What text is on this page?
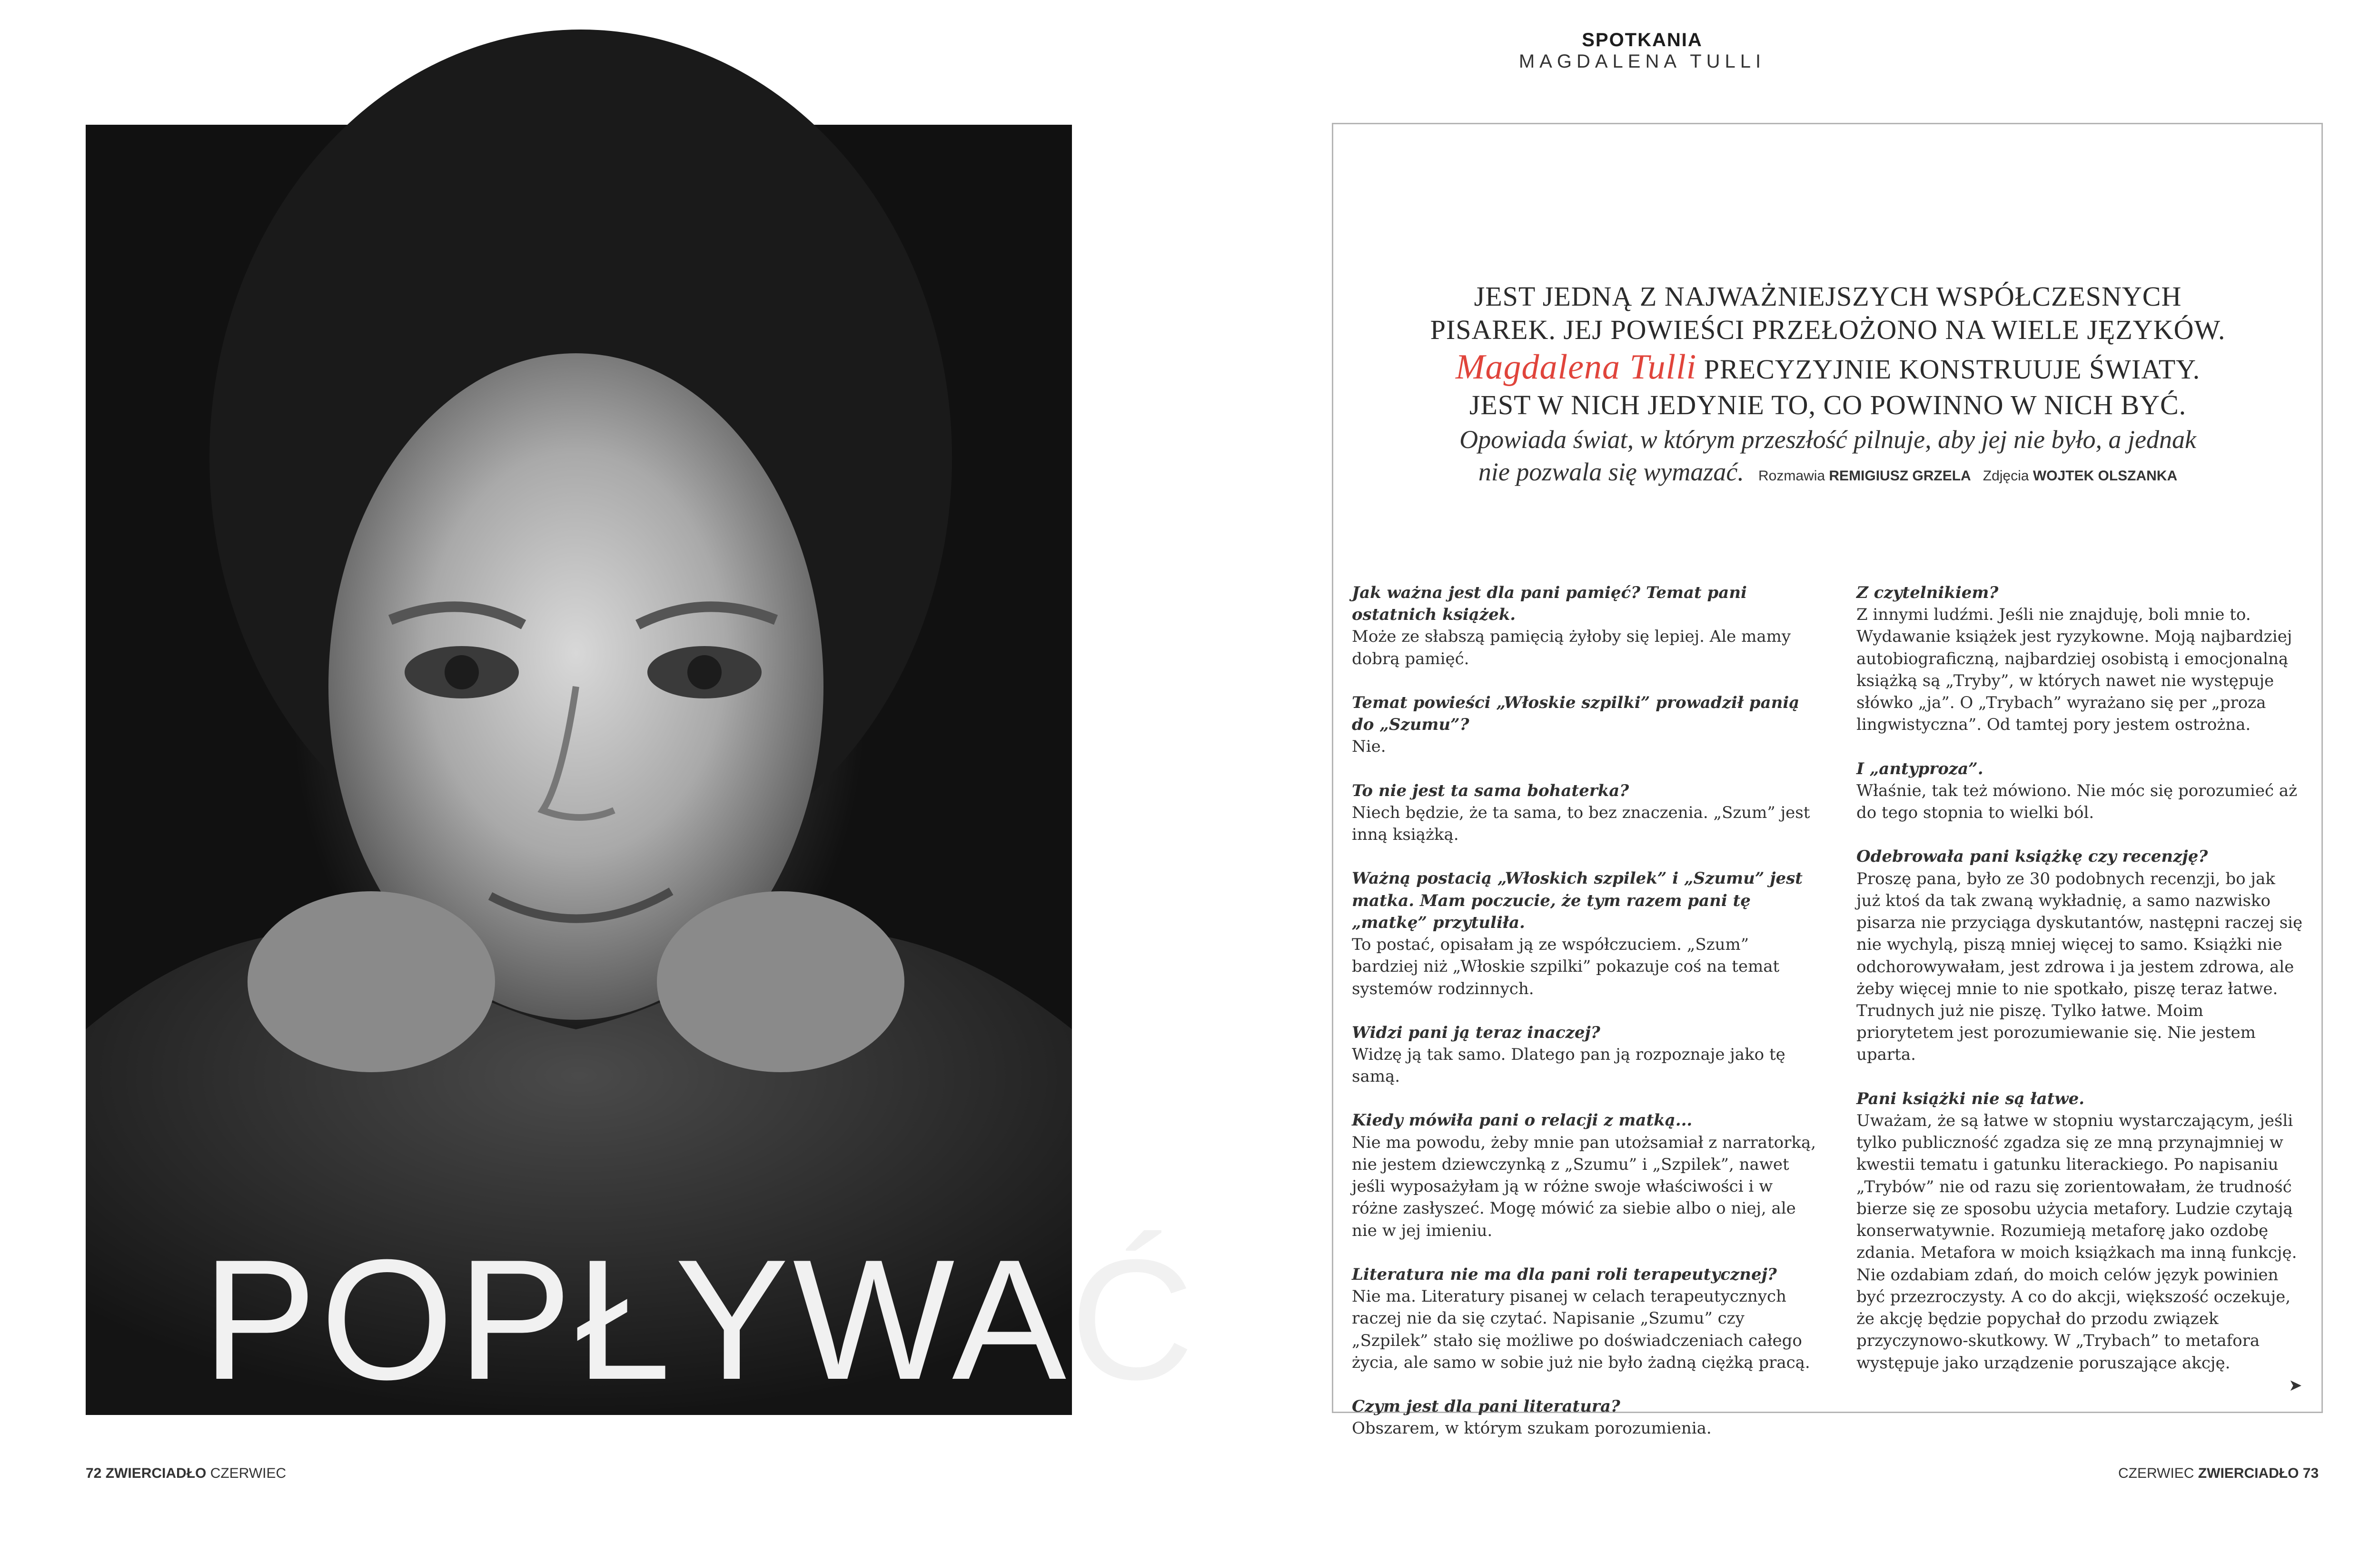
POPŁYWAĆ
72 ZWIERCIADŁO CZERWIEC
SPOTKANIA
MAGDALENA TULLI
JEST JEDNĄ Z NAJWAŻNIEJSZYCH WSPÓŁCZESNYCH
PISAREK. JEJ POWIEŚCI PRZEŁOŻONO NA WIELE JĘZYKÓW.
Magdalena Tulli PRECYZYJNIE KONSTRUUJE ŚWIATY.
JEST W NICH JEDYNIE TO, CO POWINNO W NICH BYĆ.
Opowiada świat, w którym przeszłość pilnuje, aby jej nie było, a jednak
nie pozwala się wymazać. Rozmawia REMIGIUSZ GRZELA Zdjęcia WOJTEK OLSZANKA
Jak ważna jest dla pani pamięć? Temat pani ostatnich książek.
Może ze słabszą pamięcią żyłoby się lepiej. Ale mamy dobrą pamięć.
Temat powieści „Włoskie szpilki” prowadził panią do „Szumu”?
Nie.
To nie jest ta sama bohaterka?
Niech będzie, że ta sama, to bez znaczenia. „Szum” jest inną książką.
Ważną postacią „Włoskich szpilek” i „Szumu” jest matka. Mam poczucie, że tym razem pani tę „matkę” przytuliła.
To postać, opisałam ją ze współczuciem. „Szum” bardziej niż „Włoskie szpilki” pokazuje coś na temat systemów rodzinnych.
Widzi pani ją teraz inaczej?
Widzę ją tak samo. Dlatego pan ją rozpoznaje jako tę samą.
Kiedy mówiła pani o relacji z matką...
Nie ma powodu, żeby mnie pan utożsamiał z narratorką, nie jestem dziewczynką z „Szumu” i „Szpilek”, nawet jeśli wyposażyłam ją w różne swoje właściwości i w różne zasłyszeć. Mogę mówić za siebie albo o niej, ale nie w jej imieniu.
Literatura nie ma dla pani roli terapeutycznej?
Nie ma. Literatury pisanej w celach terapeutycznych raczej nie da się czytać. Napisanie „Szumu” czy „Szpilek” stało się możliwe po doświadczeniach całego życia, ale samo w sobie już nie było żadną ciężką pracą.
Czym jest dla pani literatura?
Obszarem, w którym szukam porozumienia.
Z czytelnikiem?
Z innymi ludźmi. Jeśli nie znajduję, boli mnie to. Wydawanie książek jest ryzykowne. Moją najbardziej autobiograficzną, najbardziej osobistą i emocjonalną książką są „Tryby”, w których nawet nie występuje słówko „ja”. O „Trybach” wyrażano się per „proza lingwistyczna”. Od tamtej pory jestem ostrożna.
I „antyproza”.
Właśnie, tak też mówiono. Nie móc się porozumieć aż do tego stopnia to wielki ból.
Odebrowała pani książkę czy recenzję?
Proszę pana, było ze 30 podobnych recenzji, bo jak już ktoś da tak zwaną wykładnię, a samo nazwisko pisarza nie przyciąga dyskutantów, następni raczej się nie wychylą, piszą mniej więcej to samo. Książki nie odchorowywałam, jest zdrowa i ja jestem zdrowa, ale żeby więcej mnie to nie spotkało, piszę teraz łatwe. Trudnych już nie piszę. Tylko łatwe. Moim priorytetem jest porozumiewanie się. Nie jestem uparta.
Pani książki nie są łatwe.
Uważam, że są łatwe w stopniu wystarczającym, jeśli tylko publiczność zgadza się ze mną przynajmniej w kwestii tematu i gatunku literackiego. Po napisaniu „Trybów” nie od razu się zorientowałam, że trudność bierze się ze sposobu użycia metafory. Ludzie czytają konserwatywnie. Rozumieją metaforę jako ozdobę zdania. Metafora w moich książkach ma inną funkcję. Nie ozdabiam zdań, do moich celów język powinien być przezroczysty. A co do akcji, większość oczekuje, że akcję będzie popychał do przodu związek przyczynowo-skutkowy. W „Trybach” to metafora występuje jako urządzenie poruszające akcję.
➤
CZERWIEC ZWIERCIADŁO 73
